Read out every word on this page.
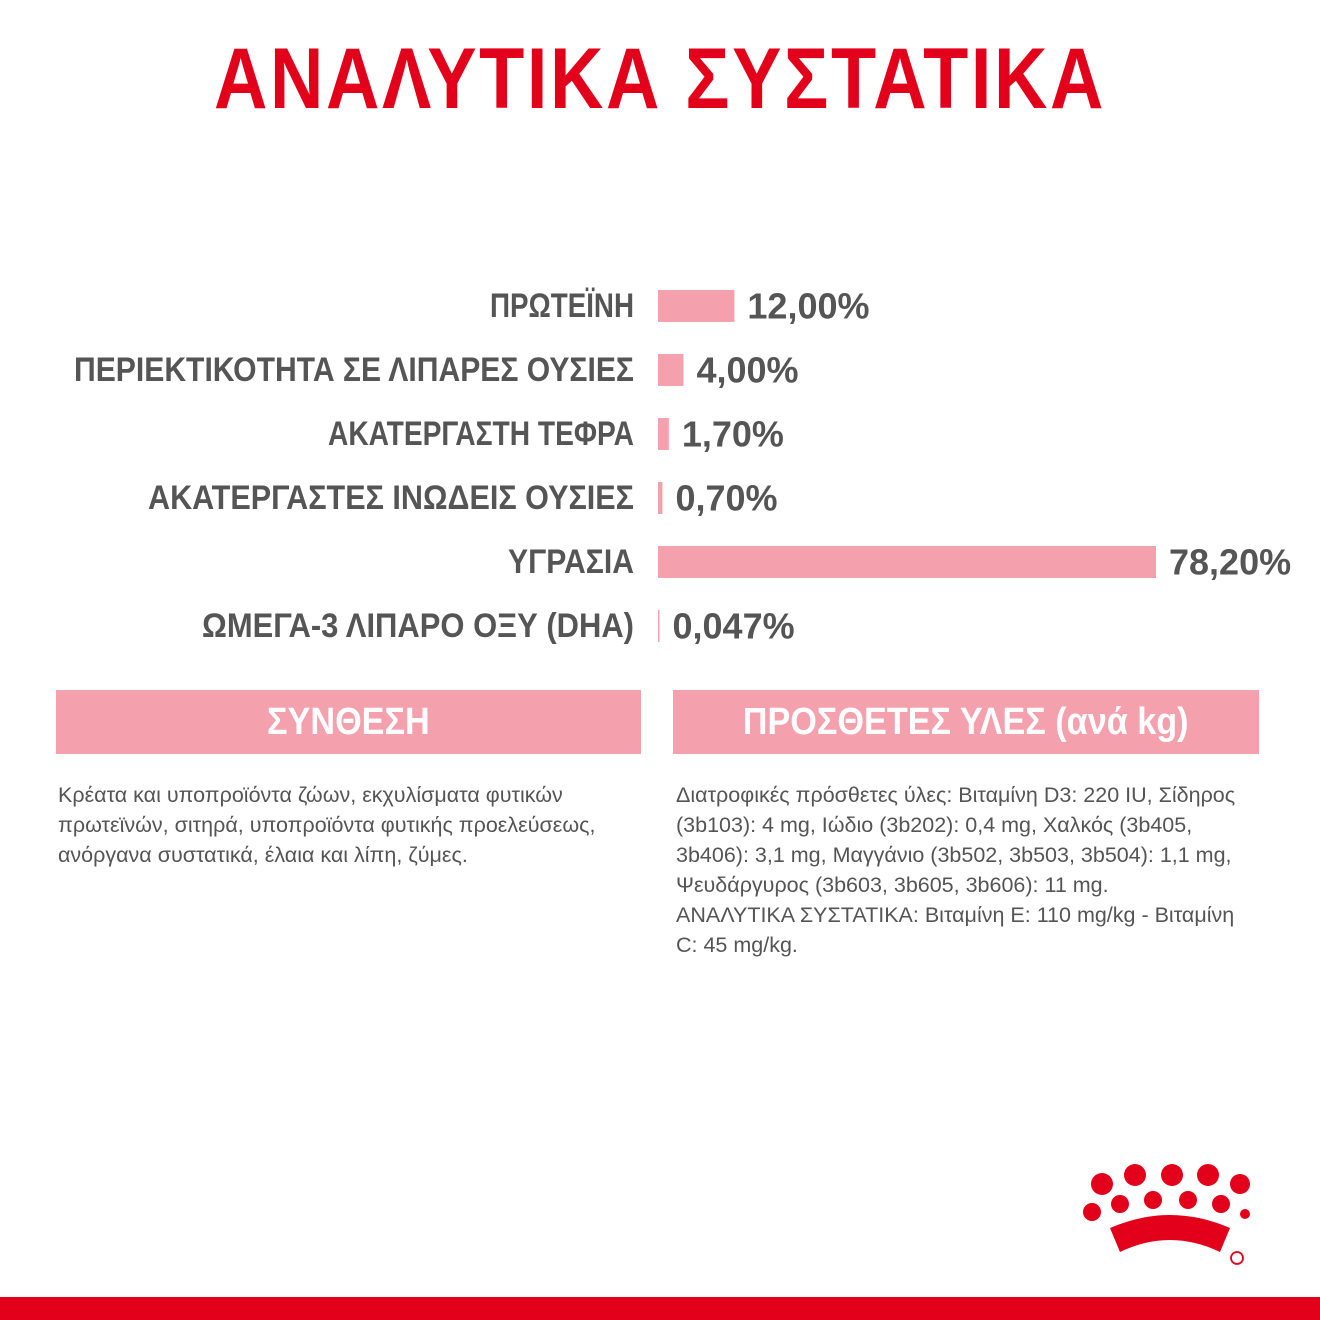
ΑΝΑΛΥΤΙΚΑ ΣΥΣΤΑΤΙΚΑ
ΠΡΩΤΕΪΝΗ	12,00%
ΠΕΡΙΕΚΤΙΚΟΤΗΤΑ ΣΕ ΛΙΠΑΡΕΣ ΟΥΣΙΕΣ 4,00%
ΑΚΑΤΕΡΓΑΣΤΗ ΤΕΦΡΑ 1,70%
ΑΚΑΤΕΡΓΑΣΤΕΣ ΙΝΩΔΕΙΣ ΟΥΣΙΕΣ 0,70%
ΥΓΡΑΣΙΑ	78,20%
ΩΜΕΓΑ-3 ΛΙΠΑΡΟ ΟΞΥ (DHA) 0,047%
ΣΥΝΘΕΣΗ
Κρέατα και υποπροϊόντα ζώων, εκχυλίσματα φυτικών
πρωτεϊνών, σιτηρά, υποπροϊόντα φυτικής προελεύσεως,
ανόργανα συστατικά, έλαια και λίπη, ζύμες.
ΠΡΟΣΘΕΤΕΣ ΥΛΕΣ (ανά kg)
Διατροφικές πρόσθετες ύλες: Βιταμίνη D3: 220 IU, Σίδηρος
(3b103): 4 mg, Ιώδιο (3b202): 0,4 mg, Χαλκός (3b405,
3b406): 3,1 mg, Μαγγάνιο (3b502, 3b503, 3b504): 1,1 mg,
Ψευδάργυρος (3b603, 3b605, 3b606): 11 mg.
ΑΝΑΛΥΤΙΚΑ ΣΥΣΤΑΤΙΚΑ: Βιταμίνη E: 110 mg/kg - Βιταμίνη
C: 45 mg/kg.
